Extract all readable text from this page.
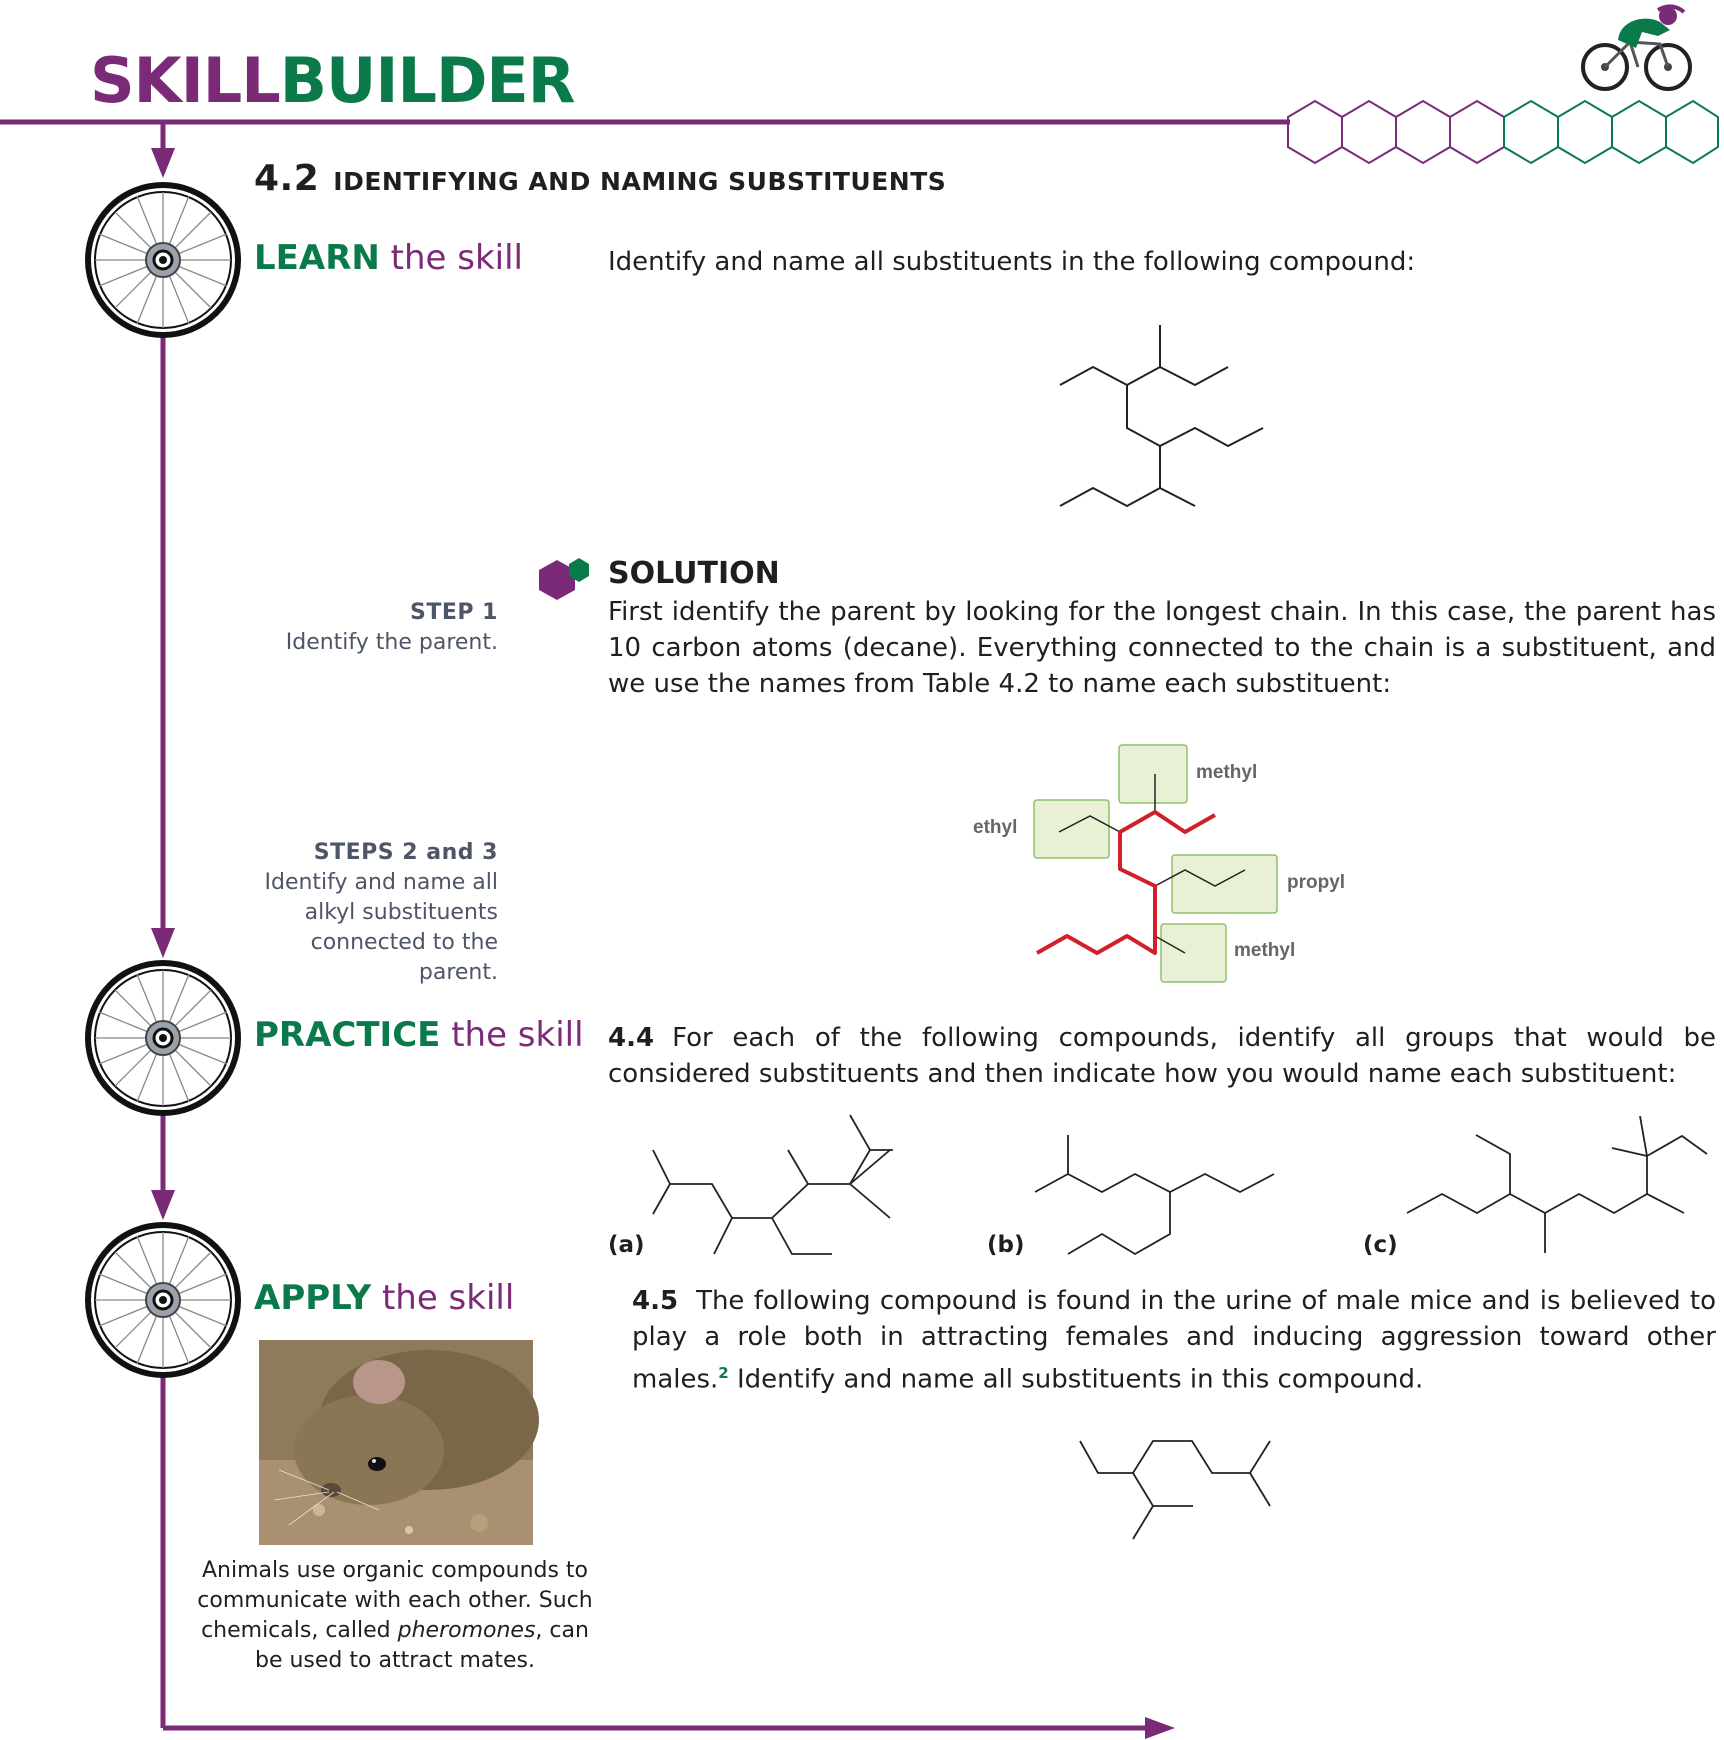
SKILLBUILDER
4.2 IDENTIFYING AND NAMING SUBSTITUENTS

LEARN the skill	Identify and name all substituents in the following compound:

SOLUTION

First identify the parent by looking for the longest chain. In this case, the parent has 10 carbon atoms (decane). Everything connected to the chain is a substituent, and we use the names from Table 4.2 to name each substituent:
STEP 1
Identify the parent.
STEPS 2 and 3
Identify and name all alkyl substituents connected to the parent.
methyl
ethyl
propyl
methyl

PRACTICE the skill 4.4 For each of the following compounds, identify all groups that would be considered substituents and then indicate how you would name each substituent:
(a)	(b)	(c)

APPLY the skill	4.5 The following compound is found in the urine of male mice and is believed to play a role both in attracting females and inducing aggression toward other males.$^2$ Identify and name all substituents in this compound.
Animals use organic compounds to communicate with each other. Such chemicals, called pheromones, can be used to attract mates.
